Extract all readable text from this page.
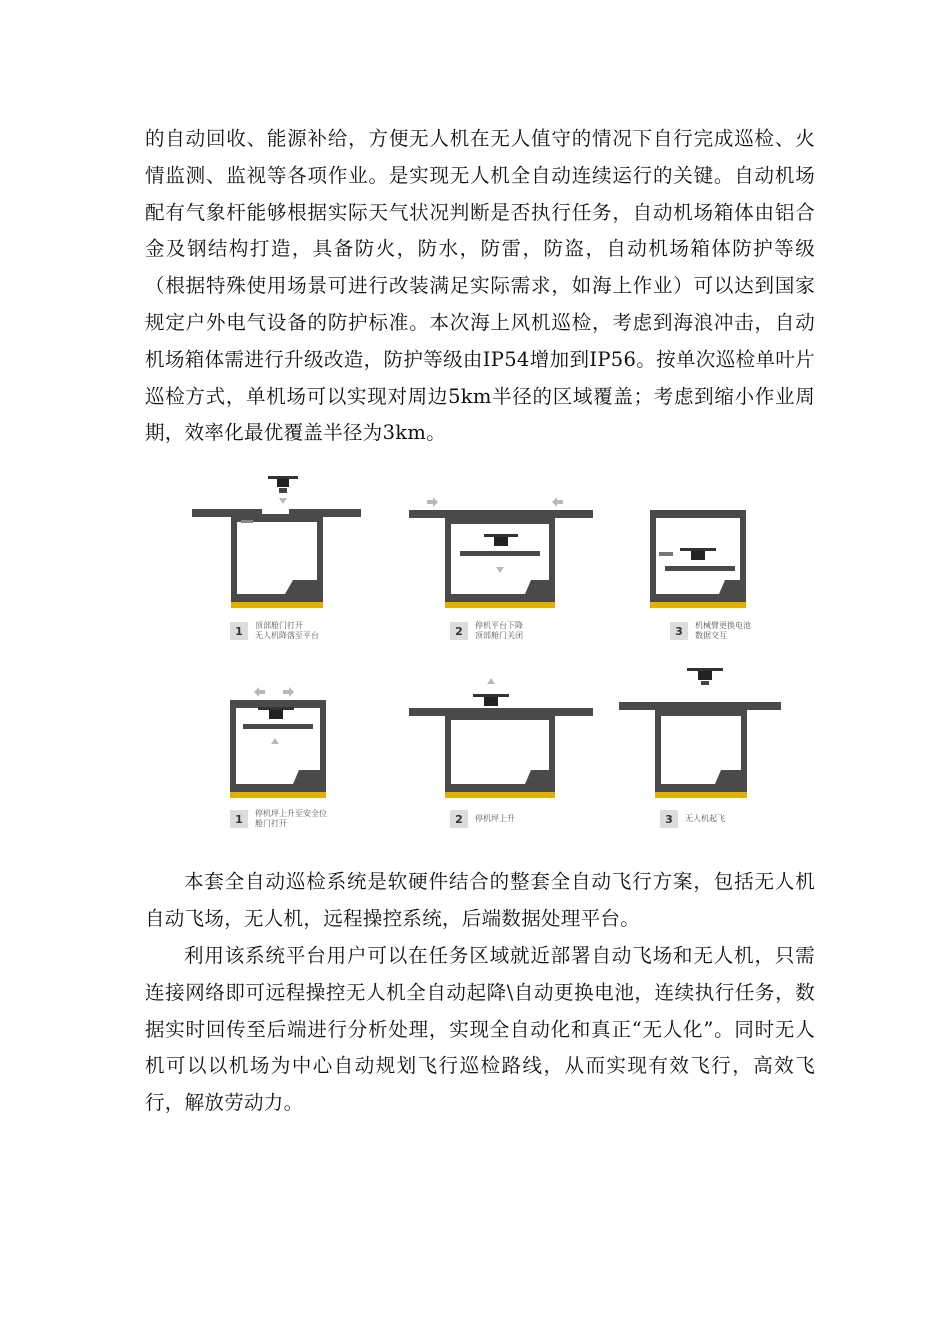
的自动回收、能源补给，方便无人机在无人值守的情况下自行完成巡检、火情监测、监视等各项作业。是实现无人机全自动连续运行的关键。自动机场配有气象杆能够根据实际天气状况判断是否执行任务，自动机场箱体由铝合金及钢结构打造，具备防火，防水，防雷，防盗，自动机场箱体防护等级（根据特殊使用场景可进行改装满足实际需求，如海上作业）可以达到国家规定户外电气设备的防护标准。本次海上风机巡检，考虑到海浪冲击，自动机场箱体需进行升级改造，防护等级由IP54增加到IP56。按单次巡检单叶片巡检方式，单机场可以实现对周边5km半径的区域覆盖；考虑到缩小作业周期，效率化最优覆盖半径为3km。

1	顶部舱门打开
无人机降落至平台	2	停机平台下降
顶部舱门关闭	3	机械臂更换电池
数据交互
1	停机坪上升至安全位
舱门打开	2	停机坪上升	3	无人机起飞

本套全自动巡检系统是软硬件结合的整套全自动飞行方案，包括无人机自动飞场，无人机，远程操控系统，后端数据处理平台。

利用该系统平台用户可以在任务区域就近部署自动飞场和无人机，只需连接网络即可远程操控无人机全自动起降\自动更换电池，连续执行任务，数据实时回传至后端进行分析处理，实现全自动化和真正“无人化”。同时无人机可以以机场为中心自动规划飞行巡检路线，从而实现有效飞行，高效飞行，解放劳动力。
